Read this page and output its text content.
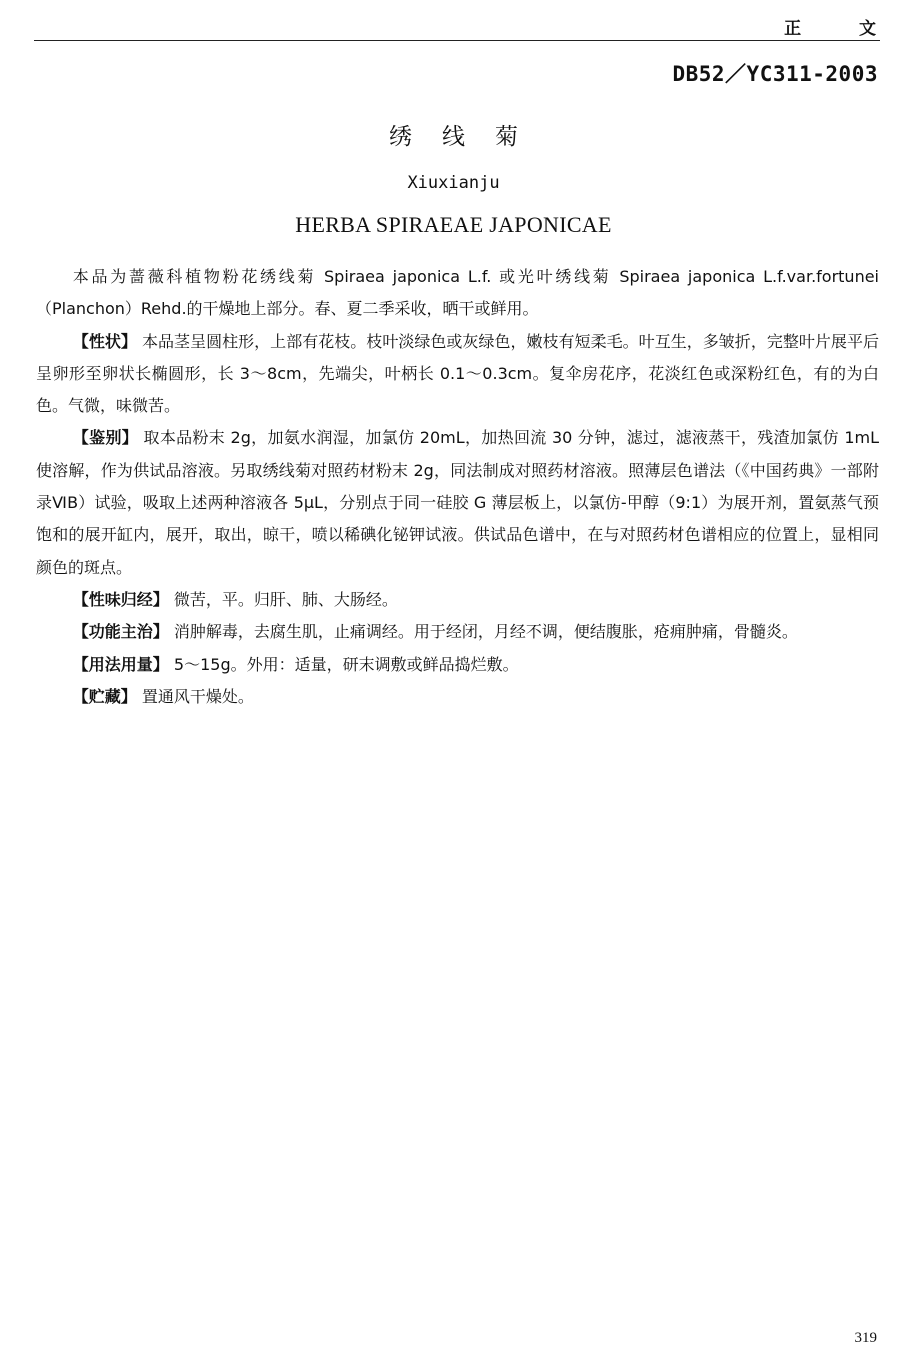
正 文
DB52／YC311-2003
绣线菊
Xiuxianju
HERBA SPIRAEAE JAPONICAE

本品为蔷薇科植物粉花绣线菊 Spiraea japonica L.f. 或光叶绣线菊 Spiraea japonica L.f.var.fortunei（Planchon）Rehd.的干燥地上部分。春、夏二季采收，晒干或鲜用。

【性状】 本品茎呈圆柱形，上部有花枝。枝叶淡绿色或灰绿色，嫩枝有短柔毛。叶互生，多皱折，完整叶片展平后呈卵形至卵状长椭圆形，长 3～8cm，先端尖，叶柄长 0.1～0.3cm。复伞房花序，花淡红色或深粉红色，有的为白色。气微，味微苦。

【鉴别】 取本品粉末 2g，加氨水润湿，加氯仿 20mL，加热回流 30 分钟，滤过，滤液蒸干，残渣加氯仿 1mL 使溶解，作为供试品溶液。另取绣线菊对照药材粉末 2g，同法制成对照药材溶液。照薄层色谱法（《中国药典》一部附录ⅥB）试验，吸取上述两种溶液各 5μL，分别点于同一硅胶 G 薄层板上，以氯仿-甲醇（9:1）为展开剂，置氨蒸气预饱和的展开缸内，展开，取出，晾干，喷以稀碘化铋钾试液。供试品色谱中，在与对照药材色谱相应的位置上，显相同颜色的斑点。

【性味归经】 微苦，平。归肝、肺、大肠经。

【功能主治】 消肿解毒，去腐生肌，止痛调经。用于经闭，月经不调，便结腹胀，疮痈肿痛，骨髓炎。

【用法用量】 5～15g。外用：适量，研末调敷或鲜品捣烂敷。

【贮藏】 置通风干燥处。

319
